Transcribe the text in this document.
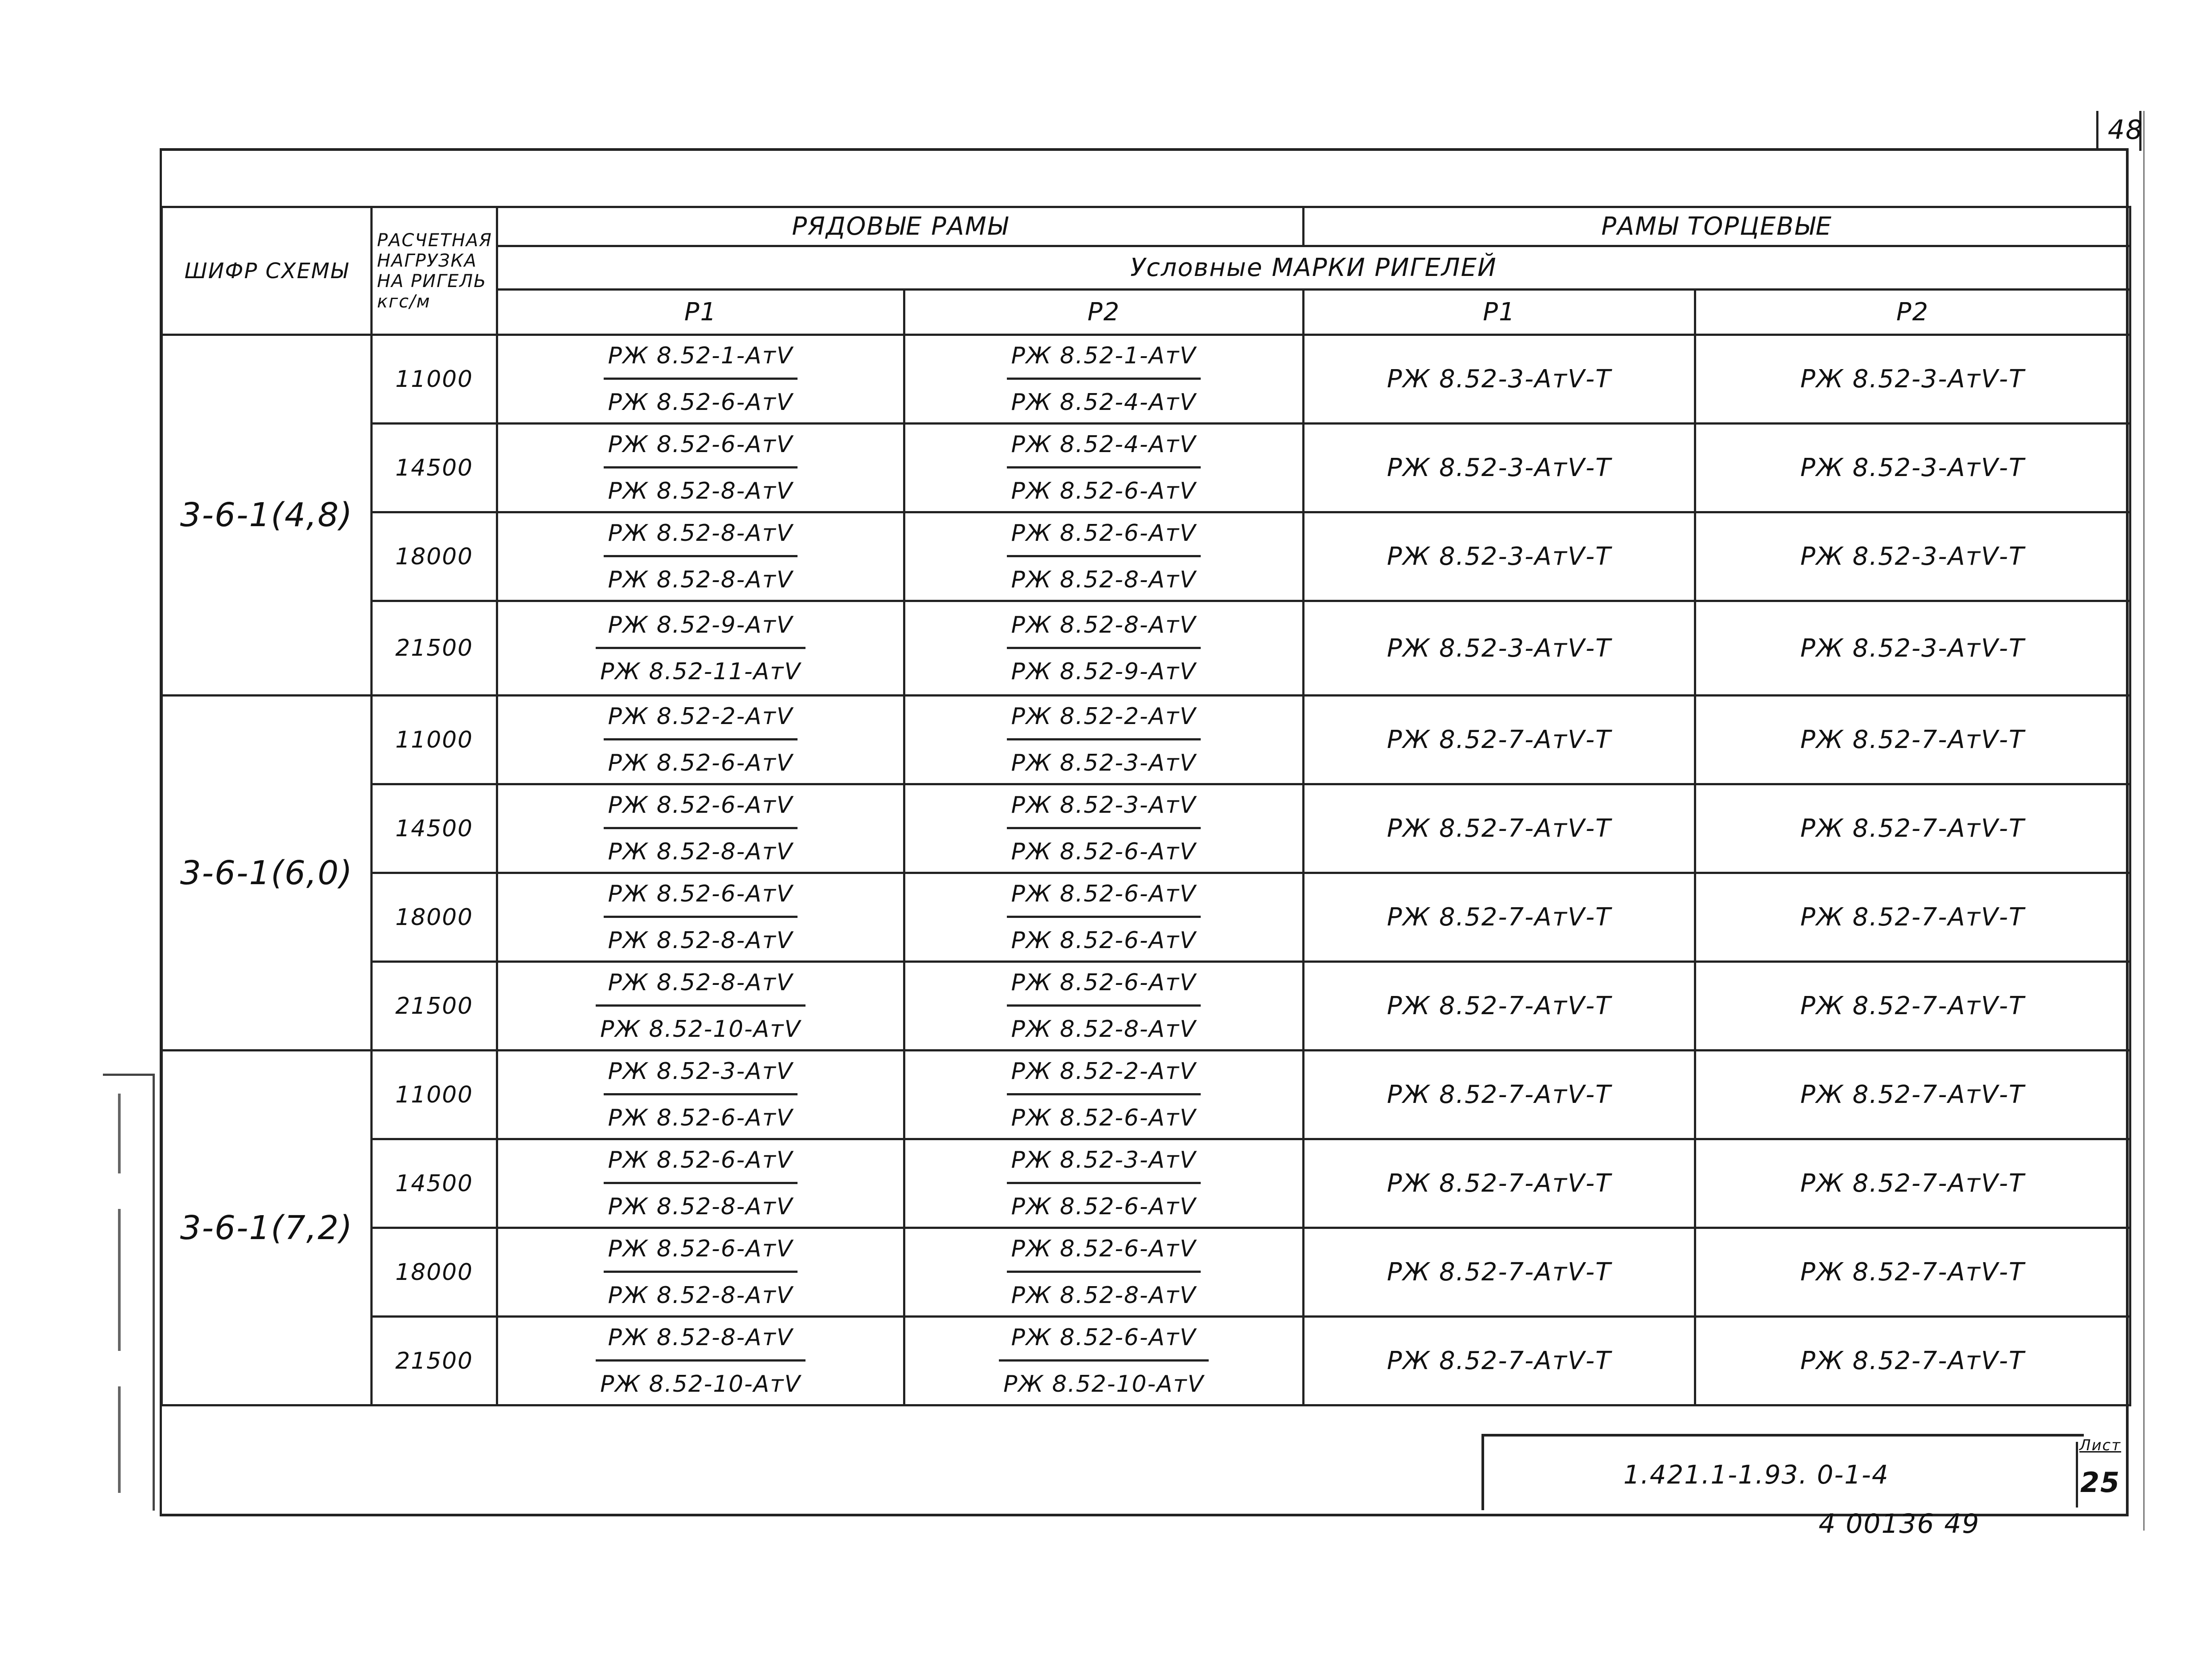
48
ШИФР СХЕМЫ	РАСЧЕТНАЯ НАГРУЗКА НА РИГЕЛЬ кгс/м	РЯДОВЫЕ РАМЫ		РАМЫ ТОРЦЕВЫЕ	
		Условные МАРКИ РИГЕЛЕЙ			
		Р1	Р2	Р1	Р2
3-6-1(4,8)	11000	$\frac{\text{РЖ 8.52-1-АтⅤ}}{\text{РЖ 8.52-6-АтⅤ}}$	$\frac{\text{РЖ 8.52-1-АтⅤ}}{\text{РЖ 8.52-4-АтⅤ}}$	РЖ 8.52-3-АтⅤ-Т	РЖ 8.52-3-АтⅤ-Т
	14500	$\frac{\text{РЖ 8.52-6-АтⅤ}}{\text{РЖ 8.52-8-АтⅤ}}$	$\frac{\text{РЖ 8.52-4-АтⅤ}}{\text{РЖ 8.52-6-АтⅤ}}$	РЖ 8.52-3-АтⅤ-Т	РЖ 8.52-3-АтⅤ-Т
	18000	$\frac{\text{РЖ 8.52-8-АтⅤ}}{\text{РЖ 8.52-8-АтⅤ}}$	$\frac{\text{РЖ 8.52-6-АтⅤ}}{\text{РЖ 8.52-8-АтⅤ}}$	РЖ 8.52-3-АтⅤ-Т	РЖ 8.52-3-АтⅤ-Т
	21500	$\frac{\text{РЖ 8.52-9-АтⅤ}}{\text{РЖ 8.52-11-АтⅤ}}$	$\frac{\text{РЖ 8.52-8-АтⅤ}}{\text{РЖ 8.52-9-АтⅤ}}$	РЖ 8.52-3-АтⅤ-Т	РЖ 8.52-3-АтⅤ-Т
3-6-1(6,0)	11000	$\frac{\text{РЖ 8.52-2-АтⅤ}}{\text{РЖ 8.52-6-АтⅤ}}$	$\frac{\text{РЖ 8.52-2-АтⅤ}}{\text{РЖ 8.52-3-АтⅤ}}$	РЖ 8.52-7-АтⅤ-Т	РЖ 8.52-7-АтⅤ-Т
	14500	$\frac{\text{РЖ 8.52-6-АтⅤ}}{\text{РЖ 8.52-8-АтⅤ}}$	$\frac{\text{РЖ 8.52-3-АтⅤ}}{\text{РЖ 8.52-6-АтⅤ}}$	РЖ 8.52-7-АтⅤ-Т	РЖ 8.52-7-АтⅤ-Т
	18000	$\frac{\text{РЖ 8.52-6-АтⅤ}}{\text{РЖ 8.52-8-АтⅤ}}$	$\frac{\text{РЖ 8.52-6-АтⅤ}}{\text{РЖ 8.52-6-АтⅤ}}$	РЖ 8.52-7-АтⅤ-Т	РЖ 8.52-7-АтⅤ-Т
	21500	$\frac{\text{РЖ 8.52-8-АтⅤ}}{\text{РЖ 8.52-10-АтⅤ}}$	$\frac{\text{РЖ 8.52-6-АтⅤ}}{\text{РЖ 8.52-8-АтⅤ}}$	РЖ 8.52-7-АтⅤ-Т	РЖ 8.52-7-АтⅤ-Т
3-6-1(7,2)	11000	$\frac{\text{РЖ 8.52-3-АтⅤ}}{\text{РЖ 8.52-6-АтⅤ}}$	$\frac{\text{РЖ 8.52-2-АтⅤ}}{\text{РЖ 8.52-6-АтⅤ}}$	РЖ 8.52-7-АтⅤ-Т	РЖ 8.52-7-АтⅤ-Т
	14500	$\frac{\text{РЖ 8.52-6-АтⅤ}}{\text{РЖ 8.52-8-АтⅤ}}$	$\frac{\text{РЖ 8.52-3-АтⅤ}}{\text{РЖ 8.52-6-АтⅤ}}$	РЖ 8.52-7-АтⅤ-Т	РЖ 8.52-7-АтⅤ-Т
	18000	$\frac{\text{РЖ 8.52-6-АтⅤ}}{\text{РЖ 8.52-8-АтⅤ}}$	$\frac{\text{РЖ 8.52-6-АтⅤ}}{\text{РЖ 8.52-8-АтⅤ}}$	РЖ 8.52-7-АтⅤ-Т	РЖ 8.52-7-АтⅤ-Т
	21500	$\frac{\text{РЖ 8.52-8-АтⅤ}}{\text{РЖ 8.52-10-АтⅤ}}$	$\frac{\text{РЖ 8.52-6-АтⅤ}}{\text{РЖ 8.52-10-АтⅤ}}$	РЖ 8.52-7-АтⅤ-Т	РЖ 8.52-7-АтⅤ-Т
1.421.1-1.93. 0-1-4
Лист
25
4 00136 49
